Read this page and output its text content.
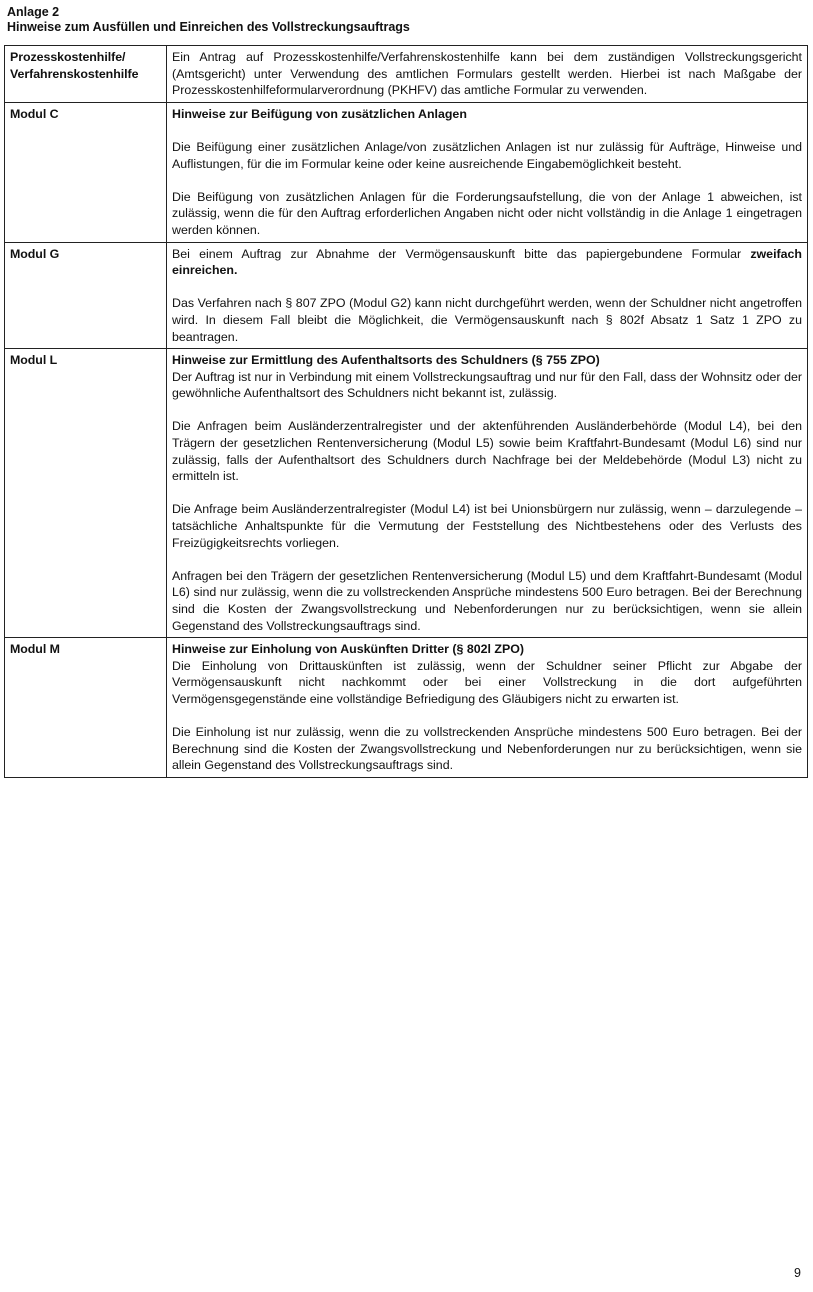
Anlage 2
Hinweise zum Ausfüllen und Einreichen des Vollstreckungsauftrags
Prozesskostenhilfe/
Verfahrenskostenhilfe	Ein Antrag auf Prozesskostenhilfe/Verfahrenskostenhilfe kann bei dem zuständigen Vollstreckungsgericht (Amtsgericht) unter Verwendung des amtlichen Formulars gestellt werden. Hierbei ist nach Maßgabe der Prozesskostenhilfeformularverordnung (PKHFV) das amtliche Formular zu verwenden.

Modul C	Hinweise zur Beifügung von zusätzlichen Anlagen

Die Beifügung einer zusätzlichen Anlage/von zusätzlichen Anlagen ist nur zulässig für Aufträge, Hinweise und Auflistungen, für die im Formular keine oder keine ausreichende Eingabemöglichkeit besteht.

Die Beifügung von zusätzlichen Anlagen für die Forderungsaufstellung, die von der Anlage 1 abweichen, ist zulässig, wenn die für den Auftrag erforderlichen Angaben nicht oder nicht vollständig in die Anlage 1 eingetragen werden können.

Modul G	Bei einem Auftrag zur Abnahme der Vermögensauskunft bitte das papiergebundene Formular zweifach einreichen.

Das Verfahren nach § 807 ZPO (Modul G2) kann nicht durchgeführt werden, wenn der Schuldner nicht angetroffen wird. In diesem Fall bleibt die Möglichkeit, die Vermögensauskunft nach § 802f Absatz 1 Satz 1 ZPO zu beantragen.

Modul L	Hinweise zur Ermittlung des Aufenthaltsorts des Schuldners (§ 755 ZPO)

Der Auftrag ist nur in Verbindung mit einem Vollstreckungsauftrag und nur für den Fall, dass der Wohnsitz oder der gewöhnliche Aufenthaltsort des Schuldners nicht bekannt ist, zulässig.

Die Anfragen beim Ausländerzentralregister und der aktenführenden Ausländerbehörde (Modul L4), bei den Trägern der gesetzlichen Rentenversicherung (Modul L5) sowie beim Kraftfahrt-Bundesamt (Modul L6) sind nur zulässig, falls der Aufenthaltsort des Schuldners durch Nachfrage bei der Meldebehörde (Modul L3) nicht zu ermitteln ist.

Die Anfrage beim Ausländerzentralregister (Modul L4) ist bei Unionsbürgern nur zulässig, wenn – darzulegende – tatsächliche Anhaltspunkte für die Vermutung der Feststellung des Nichtbestehens oder des Verlusts des Freizügigkeitsrechts vorliegen.

Anfragen bei den Trägern der gesetzlichen Rentenversicherung (Modul L5) und dem Kraftfahrt-Bundesamt (Modul L6) sind nur zulässig, wenn die zu vollstreckenden Ansprüche mindestens 500 Euro betragen. Bei der Berechnung sind die Kosten der Zwangsvollstreckung und Nebenforderungen nur zu berücksichtigen, wenn sie allein Gegenstand des Vollstreckungsauftrags sind.

Modul M	Hinweise zur Einholung von Auskünften Dritter (§ 802l ZPO)

Die Einholung von Drittauskünften ist zulässig, wenn der Schuldner seiner Pflicht zur Abgabe der Vermögensauskunft nicht nachkommt oder bei einer Vollstreckung in die dort aufgeführten Vermögensgegenstände eine vollständige Befriedigung des Gläubigers nicht zu erwarten ist.

Die Einholung ist nur zulässig, wenn die zu vollstreckenden Ansprüche mindestens 500 Euro betragen. Bei der Berechnung sind die Kosten der Zwangsvollstreckung und Nebenforderungen nur zu berücksichtigen, wenn sie allein Gegenstand des Vollstreckungsauftrags sind.

9
